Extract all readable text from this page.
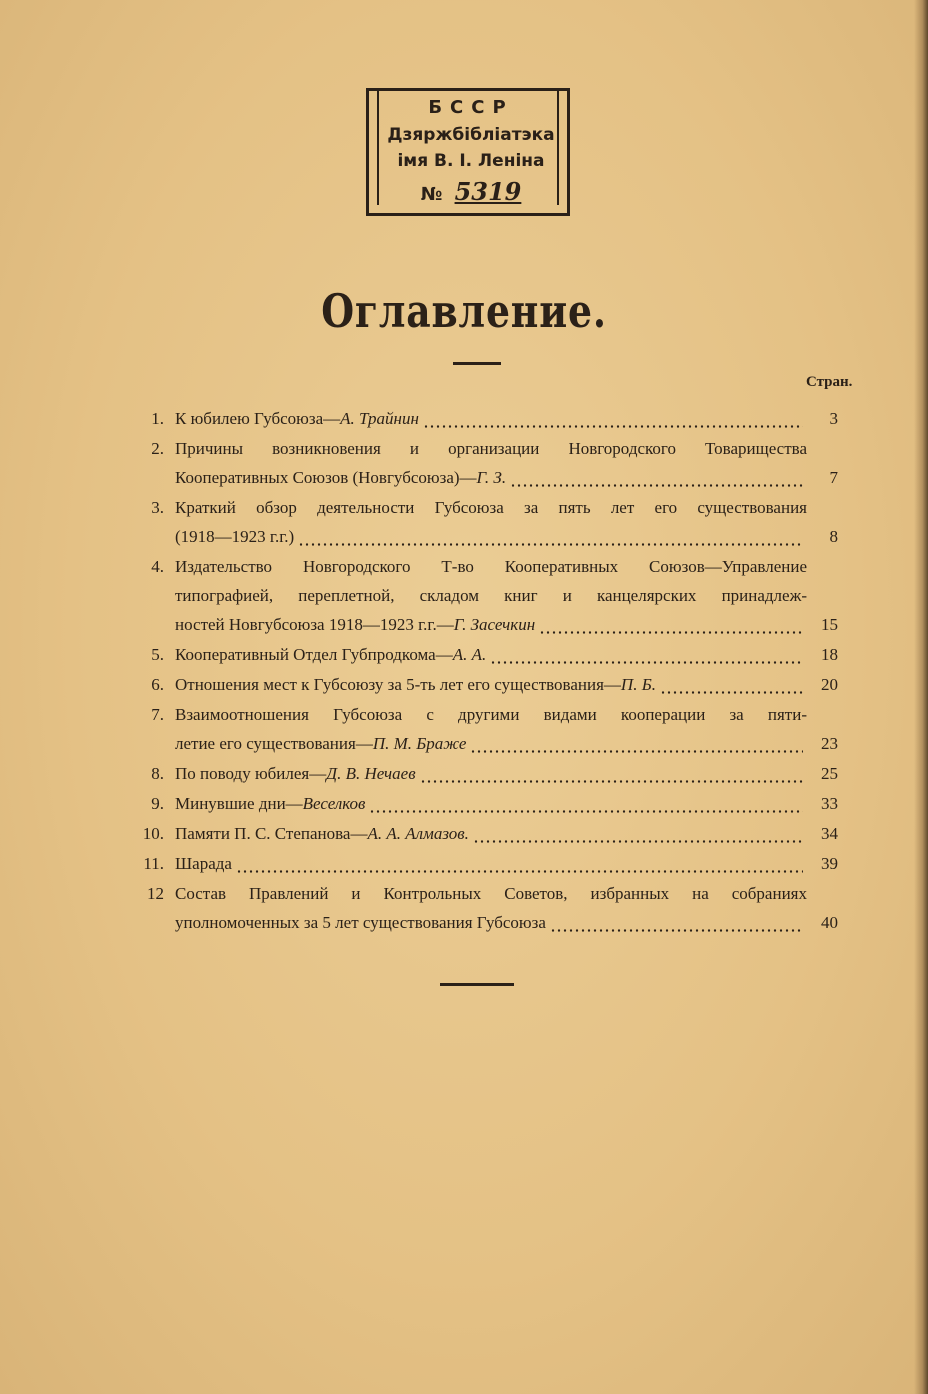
БССР
Дзяржбiблiатэка
iмя В. I. Ленiна
№ 5319
Оглавление.
Стран.
1. К юбилею Губсоюза—А. Трайнин	3
2. Причины возникновения и организации Новгородского Товарищества
Кооперативных Союзов (Новгубсоюза)—Г. З.	7
3. Краткий обзор деятельности Губсоюза за пять лет его существования
(1918—1923 г.г.)	8
4. Издательство Новгородского Т-во Кооперативных Союзов—Управление
типографией, переплетной, складом книг и канцелярских принадлеж-
ностей Новгубсоюза 1918—1923 г.г.—Г. Засечкин	15
5. Кооперативный Отдел Губпродкома—А. А.	18
6. Отношения мест к Губсоюзу за 5-ть лет его существования—П. Б.	20
7. Взаимоотношения Губсоюза с другими видами кооперации за пяти-
летие его существования—П. М. Браже	23
8. По поводу юбилея—Д. В. Нечаев	25
9. Минувшие дни—Веселков	33
10. Памяти П. С. Степанова—А. А. Алмазов.	34
11. Шарада	39
12 Состав Правлений и Контрольных Советов, избранных на собраниях
уполномоченных за 5 лет существования Губсоюза	40
